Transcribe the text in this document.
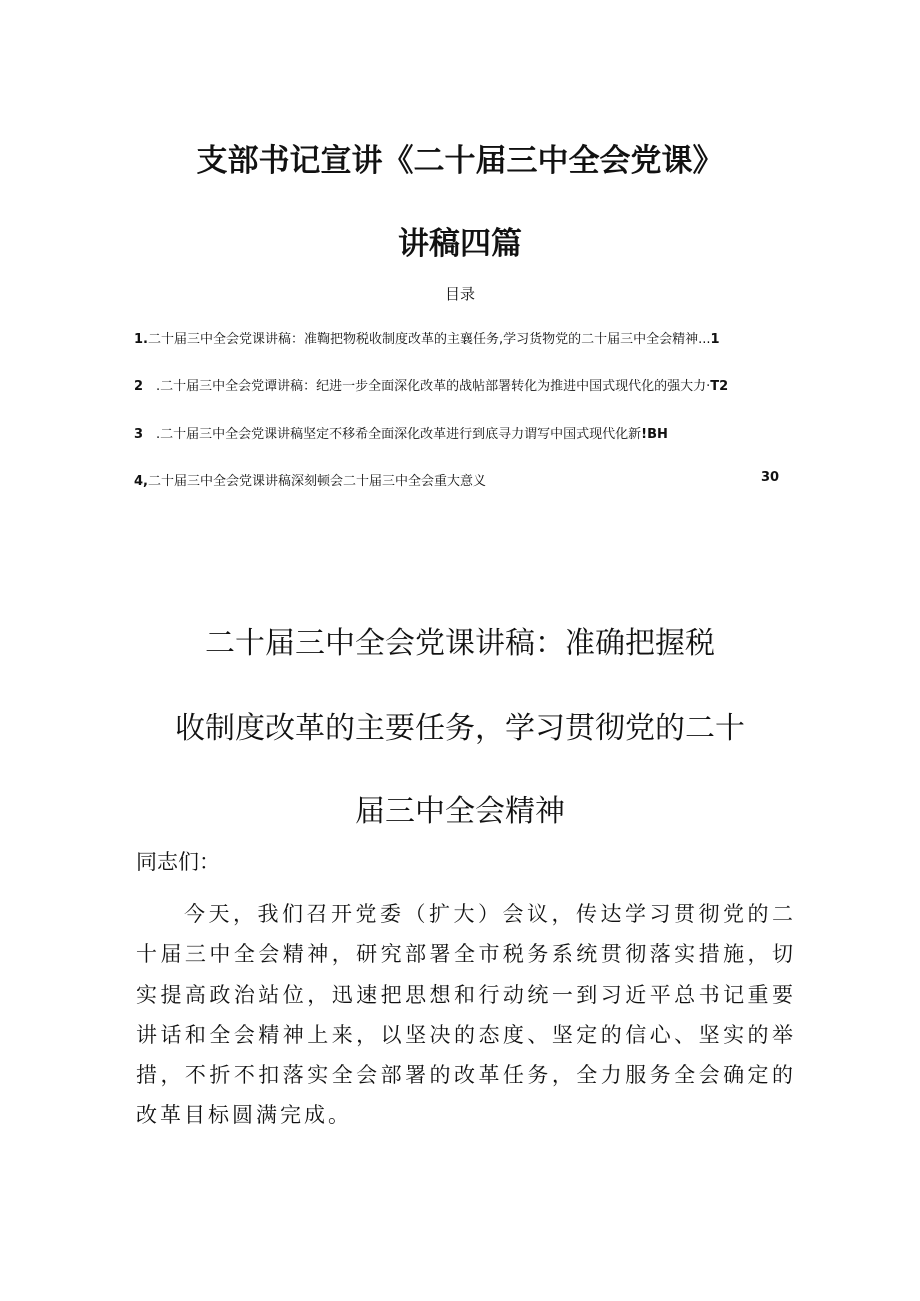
支部书记宣讲《二十届三中全会党课》
讲稿四篇
目录
1.二十届三中全会党课讲稿：准鞫把物税收制度改革的主襄任务,学习货物党的二十届三中全会精神...1
2 .二十届三中全会党谭讲稿：纪进一步全面深化改革的战帖部署转化为推进中国式现代化的强大力·T2
3 .二十届三中全会党课讲稿坚定不移希全面深化改革进行到底寻力谓写中国式现代化新!BH
4,二十届三中全会党课讲稿深刻顿会二十届三中全会重大意义	30
二十届三中全会党课讲稿：准确把握税
收制度改革的主要任务，学习贯彻党的二十
届三中全会精神
同志们：

今天，我们召开党委（扩大）会议，传达学习贯彻党的二十届三中全会精神，研究部署全市税务系统贯彻落实措施，切实提高政治站位，迅速把思想和行动统一到习近平总书记重要讲话和全会精神上来，以坚决的态度、坚定的信心、坚实的举措，不折不扣落实全会部署的改革任务，全力服务全会确定的改革目标圆满完成。
